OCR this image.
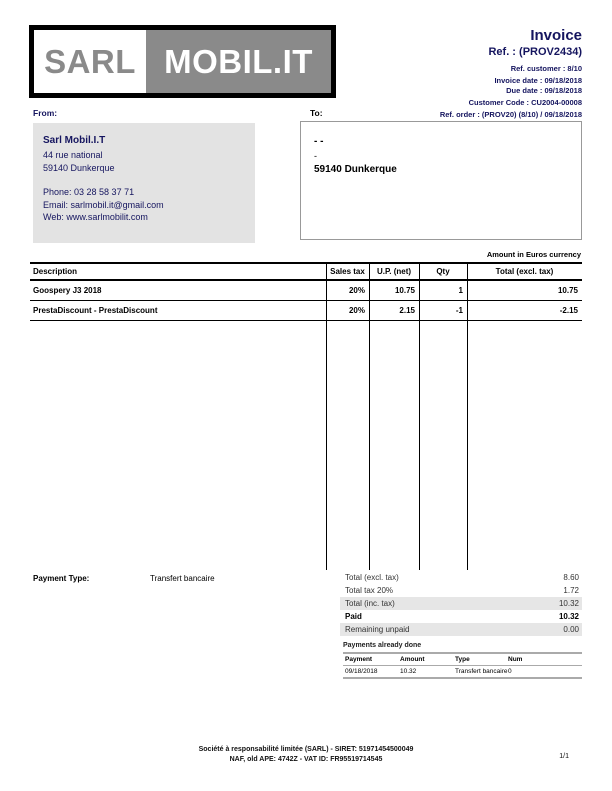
SARL MOBIL.IT
Invoice
Ref. : (PROV2434)
Ref. customer : 8/10
Invoice date : 09/18/2018
Due date : 09/18/2018
Customer Code : CU2004-00008
Ref. order : (PROV20) (8/10) / 09/18/2018
From:
Sarl Mobil.I.T
44 rue national
59140 Dunkerque
Phone: 03 28 58 37 71
Email: sarlmobil.it@gmail.com
Web: www.sarlmobilit.com
To:
- -
-
59140 Dunkerque
Amount in Euros currency
Description	Sales tax	U.P. (net)	Qty	Total (excl. tax)
Goospery J3 2018	20%	10.75	1	10.75
PrestaDiscount - PrestaDiscount	20%	2.15	-1	-2.15
Payment Type:	Transfert bancaire	Total (excl. tax)	8.60
Total tax 20%	1.72
Total (inc. tax)	10.32
Paid	10.32
Remaining unpaid	0.00
Payments already done
Payment	Amount	Type	Num
09/18/2018	10.32	Transfert bancaire 0
Société à responsabilité limitée (SARL) - SIRET: 51971454500049
NAF, old APE: 4742Z - VAT ID: FR95519714545	1/1
